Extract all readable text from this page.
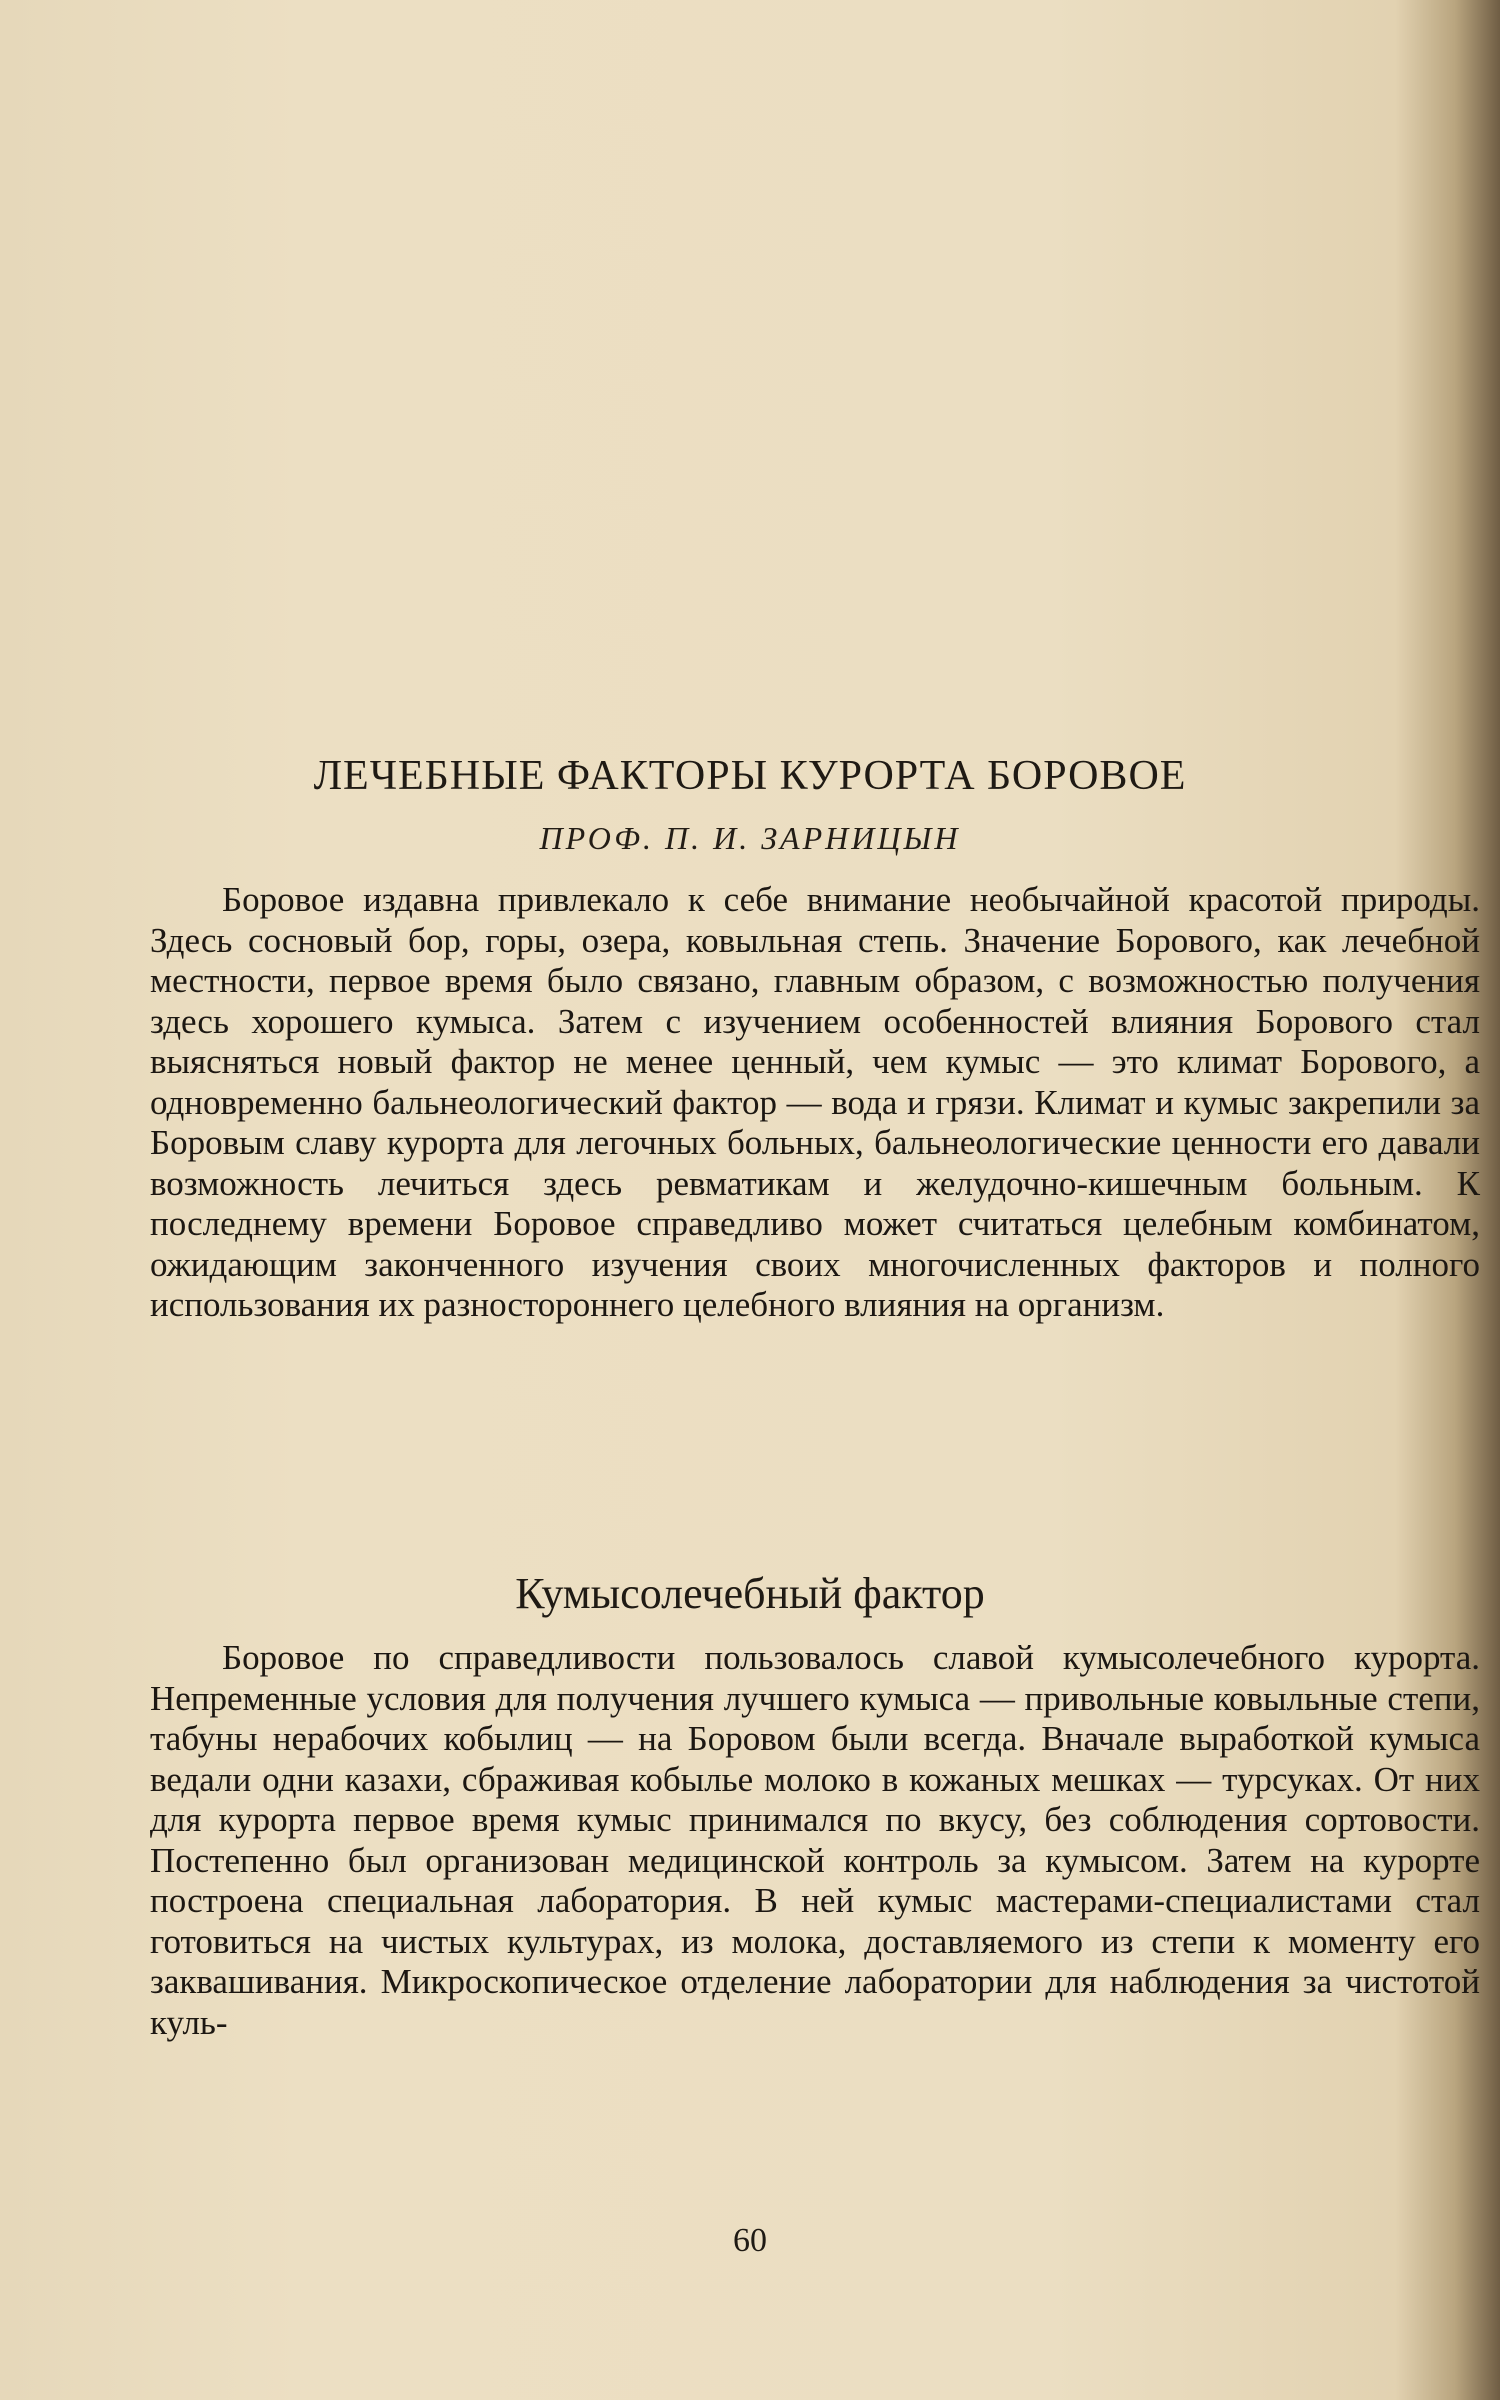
ЛЕЧЕБНЫЕ ФАКТОРЫ КУРОРТА БОРОВОЕ

ПРОФ. П. И. ЗАРНИЦЫН

Боровое издавна привлекало к себе внимание необычайной красотой природы. Здесь сосновый бор, горы, озера, ковыльная степь. Значение Борового, как лечебной местности, первое время было связано, главным образом, с возможностью получения здесь хорошего кумыса. Затем с изучением особенностей влияния Борового стал выясняться новый фактор не менее ценный, чем кумыс — это климат Борового, а одновременно бальнеологический фактор — вода и грязи. Климат и кумыс закрепили за Боровым славу курорта для легочных больных, бальнеологические ценности его давали возможность лечиться здесь ревматикам и желудочно-кишечным больным. К последнему времени Боровое справедливо может считаться целебным комбинатом, ожидающим законченного изучения своих многочисленных факторов и полного использования их разностороннего целебного влияния на организм.

Кумысолечебный фактор

Боровое по справедливости пользовалось славой кумысолечебного курорта. Непременные условия для получения лучшего кумыса — привольные ковыльные степи, табуны нерабочих кобылиц — на Боровом были всегда. Вначале выработкой кумыса ведали одни казахи, сбраживая кобылье молоко в кожаных мешках — турсуках. От них для курорта первое время кумыс принимался по вкусу, без соблюдения сортовости. Постепенно был организован медицинской контроль за кумысом. Затем на курорте построена специальная лаборатория. В ней кумыс мастерами-специалистами стал готовиться на чистых культурах, из молока, доставляемого из степи к моменту его заквашивания. Микроскопическое отделение лаборатории для наблюдения за чистотой куль-

60
